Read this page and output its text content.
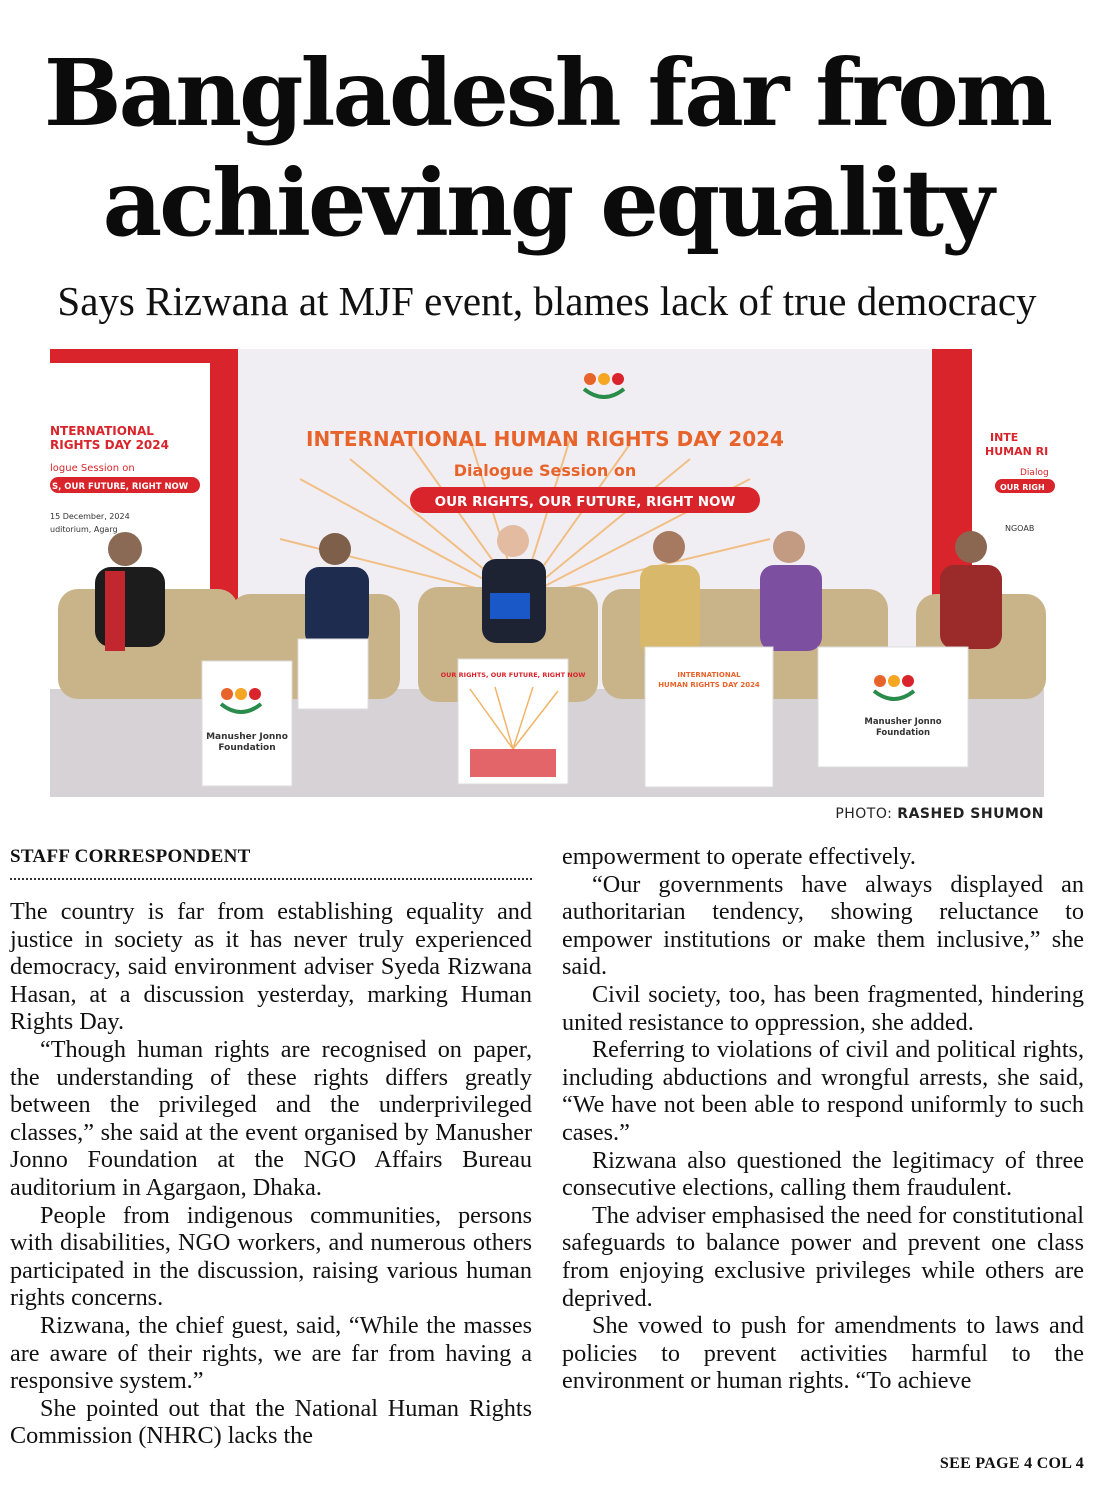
Bangladesh far from
achieving equality

Says Rizwana at MJF event, blames lack of true democracy

INTERNATIONAL HUMAN RIGHTS DAY 2024
Dialogue Session on
OUR RIGHTS, OUR FUTURE, RIGHT NOW
NTERNATIONAL
RIGHTS DAY 2024
logue Session on
S, OUR FUTURE, RIGHT NOW
15 December, 2024
uditorium, Agarg
INTE
HUMAN RI
Dialog
OUR RIGH
NGOAB
Manusher Jonno
Foundation
OUR RIGHTS, OUR FUTURE, RIGHT NOW	INTERNATIONAL
HUMAN RIGHTS DAY 2024
Manusher Jonno
Foundation
PHOTO: RASHED SHUMON
STAFF CORRESPONDENT

The country is far from establishing equality and justice in society as it has never truly experienced democracy, said environment adviser Syeda Rizwana Hasan, at a discussion yesterday, marking Human Rights Day.

“Though human rights are recognised on paper, the understanding of these rights differs greatly between the privileged and the underprivileged classes,” she said at the event organised by Manusher Jonno Foundation at the NGO Affairs Bureau auditorium in Agargaon, Dhaka.

People from indigenous communities, persons with disabilities, NGO workers, and numerous others participated in the discussion, raising various human rights concerns.

Rizwana, the chief guest, said, “While the masses are aware of their rights, we are far from having a responsive system.”

She pointed out that the National Human Rights Commission (NHRC) lacks the

empowerment to operate effectively.

“Our governments have always displayed an authoritarian tendency, showing reluctance to empower institutions or make them inclusive,” she said.

Civil society, too, has been fragmented, hindering united resistance to oppression, she added.

Referring to violations of civil and political rights, including abductions and wrongful arrests, she said, “We have not been able to respond uniformly to such cases.”

Rizwana also questioned the legitimacy of three consecutive elections, calling them fraudulent.

The adviser emphasised the need for constitutional safeguards to balance power and prevent one class from enjoying exclusive privileges while others are deprived.

She vowed to push for amendments to laws and policies to prevent activities harmful to the environment or human rights. “To achieve

SEE PAGE 4 COL 4
